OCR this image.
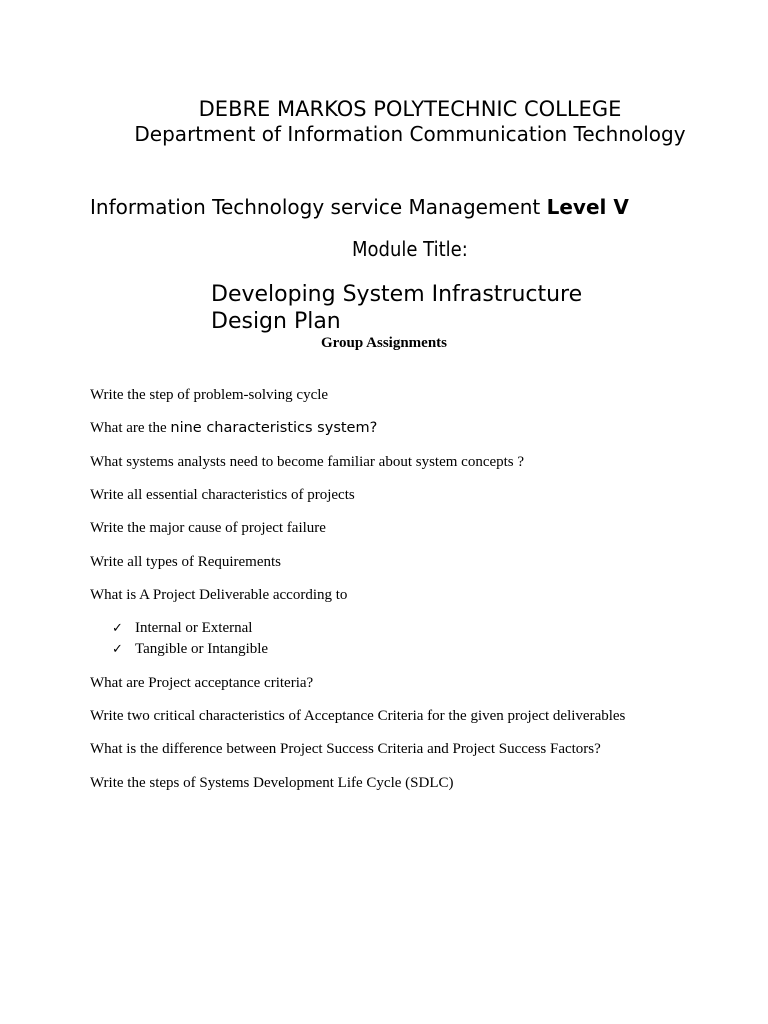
DEBRE MARKOS POLYTECHNIC COLLEGE
Department of Information Communication Technology
Information Technology service Management Level V
Module Title:
Developing System Infrastructure Design Plan
Group Assignments
Write the step of problem-solving cycle
What are the nine characteristics system?
What systems analysts need to become familiar about system concepts ?
Write all essential characteristics of projects
Write the major cause of project failure
Write all types of Requirements
What is A Project Deliverable according to
✓ Internal or External
✓ Tangible or Intangible
What are Project acceptance criteria?
Write two critical characteristics of Acceptance Criteria for the given project deliverables
What is the difference between Project Success Criteria and Project Success Factors?
Write the steps of Systems Development Life Cycle (SDLC)
